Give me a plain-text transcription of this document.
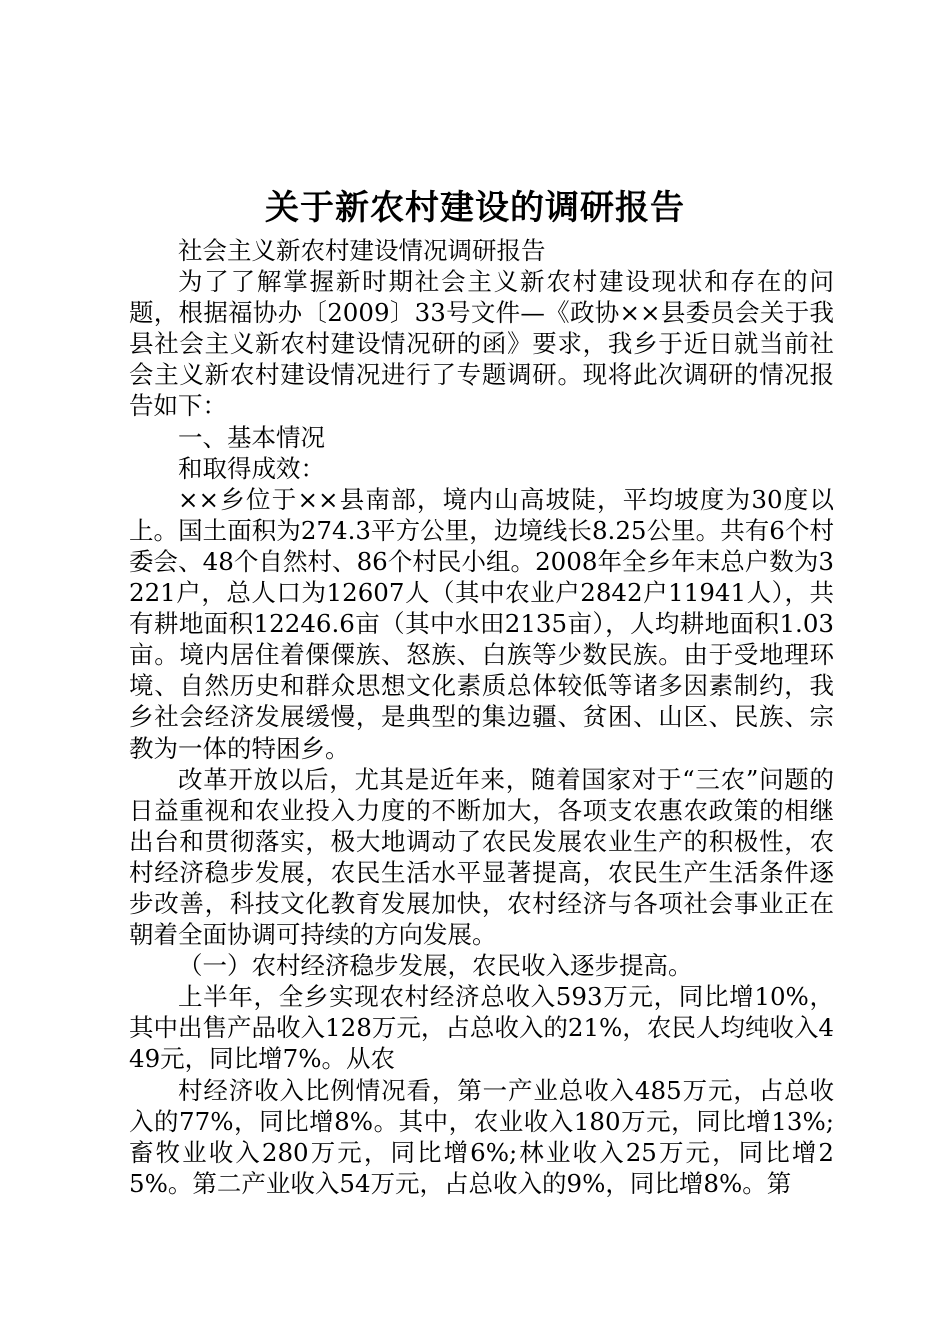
关于新农村建设的调研报告

社会主义新农村建设情况调研报告

为了了解掌握新时期社会主义新农村建设现状和存在的问题，根据福协办〔2009〕33号文件—《政协××县委员会关于我县社会主义新农村建设情况研的函》要求，我乡于近日就当前社会主义新农村建设情况进行了专题调研。现将此次调研的情况报告如下：

一、基本情况

和取得成效：

××乡位于××县南部，境内山高坡陡，平均坡度为30度以上。国土面积为274.3平方公里，边境线长8.25公里。共有6个村委会、48个自然村、86个村民小组。2008年全乡年末总户数为3221户，总人口为12607人（其中农业户2842户11941人），共有耕地面积12246.6亩（其中水田2135亩），人均耕地面积1.03亩。境内居住着傈僳族、怒族、白族等少数民族。由于受地理环境、自然历史和群众思想文化素质总体较低等诸多因素制约，我乡社会经济发展缓慢，是典型的集边疆、贫困、山区、民族、宗教为一体的特困乡。

改革开放以后，尤其是近年来，随着国家对于“三农”问题的日益重视和农业投入力度的不断加大，各项支农惠农政策的相继出台和贯彻落实，极大地调动了农民发展农业生产的积极性，农村经济稳步发展，农民生活水平显著提高，农民生产生活条件逐步改善，科技文化教育发展加快，农村经济与各项社会事业正在朝着全面协调可持续的方向发展。

（一）农村经济稳步发展，农民收入逐步提高。

上半年，全乡实现农村经济总收入593万元，同比增10%，其中出售产品收入128万元，占总收入的21%，农民人均纯收入449元，同比增7%。从农

村经济收入比例情况看，第一产业总收入485万元，占总收入的77%，同比增8%。其中，农业收入180万元，同比增13%;畜牧业收入280万元，同比增6%;林业收入25万元，同比增25%。第二产业收入54万元，占总收入的9%，同比增8%。第
